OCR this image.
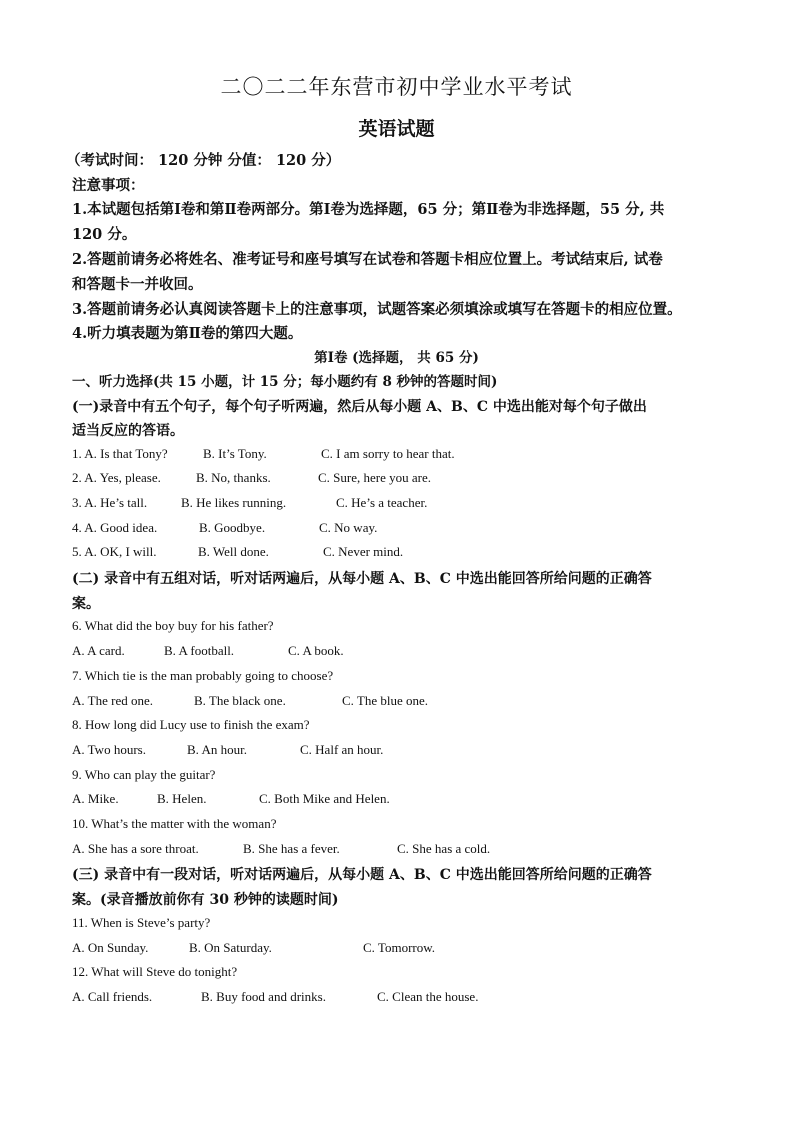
二〇二二年东营市初中学业水平考试
英语试题
（考试时间： 120 分钟 分值： 120 分）
注意事项：
1.本试题包括第Ⅰ卷和第Ⅱ卷两部分。第Ⅰ卷为选择题，65 分；第Ⅱ卷为非选择题，55 分, 共
120 分。
2.答题前请务必将姓名、准考证号和座号填写在试卷和答题卡相应位置上。考试结束后, 试卷
和答题卡一并收回。
3.答题前请务必认真阅读答题卡上的注意事项，试题答案必须填涂或填写在答题卡的相应位置。
4.听力填表题为第Ⅱ卷的第四大题。
第Ⅰ卷 (选择题， 共 65 分)
一、听力选择(共 15 小题，计 15 分；每小题约有 8 秒钟的答题时间)
(一)录音中有五个句子，每个句子听两遍，然后从每小题 A、B、C 中选出能对每个句子做出
适当反应的答语。
1. A. Is that Tony?	B. It’s Tony.	C. I am sorry to hear that.
2. A. Yes, please.	B. No, thanks.	C. Sure, here you are.
3. A. He’s tall.	B. He likes running.	C. He’s a teacher.
4. A. Good idea.	B. Goodbye.	C. No way.
5. A. OK, I will.	B. Well done.	C. Never mind.
(二) 录音中有五组对话，听对话两遍后，从每小题 A、B、C 中选出能回答所给问题的正确答
案。
6. What did the boy buy for his father?
A. A card.	B. A football.	C. A book.
7. Which tie is the man probably going to choose?
A. The red one.	B. The black one.	C. The blue one.
8. How long did Lucy use to finish the exam?
A. Two hours.	B. An hour.	C. Half an hour.
9. Who can play the guitar?
A. Mike.	B. Helen.	C. Both Mike and Helen.
10. What’s the matter with the woman?
A. She has a sore throat.	B. She has a fever.	C. She has a cold.
(三) 录音中有一段对话，听对话两遍后，从每小题 A、B、C 中选出能回答所给问题的正确答
案。(录音播放前你有 30 秒钟的读题时间)
11. When is Steve’s party?
A. On Sunday.	B. On Saturday.	C. Tomorrow.
12. What will Steve do tonight?
A. Call friends.	B. Buy food and drinks.	C. Clean the house.
